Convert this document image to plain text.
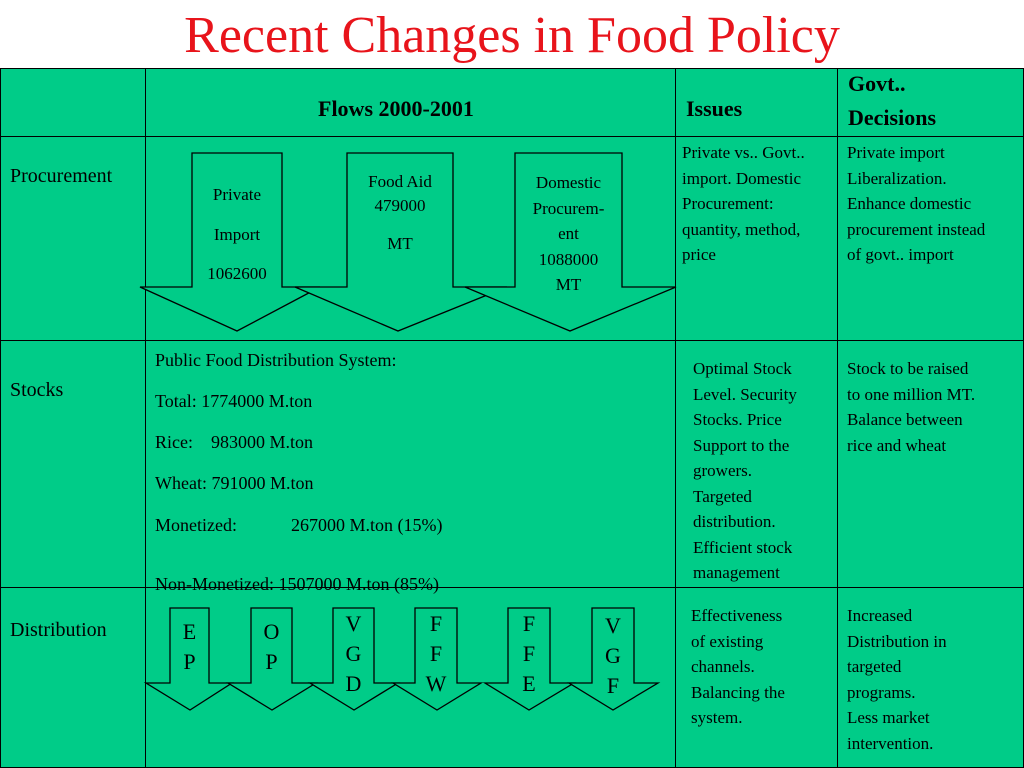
Recent Changes in Food Policy
Flows 2000-2001	Issues
Govt..
Decisions
Procurement
Stocks
Distribution
Private
Import
1062600
Food Aid
479000
MT
Domestic
Procurem-
ent
1088000
MT
Private vs.. Govt..
import. Domestic
Procurement:
quantity, method,
price
Private import
Liberalization.
Enhance domestic
procurement instead
of govt.. import
Public Food Distribution System:
Total: 1774000 M.ton
Rice:    983000 M.ton
Wheat: 791000 M.ton
Monetized:            267000 M.ton (15%)
Non-Monetized: 1507000 M.ton (85%)
Optimal Stock
Level. Security
Stocks. Price
Support to the
growers.
Targeted
distribution.
Efficient stock
management
Stock to be raised
to one million MT.
Balance between
rice and wheat
E
P
O
P
V
G
D
F
F
W
F
F
E
V
G
F
Effectiveness
of existing
channels.
Balancing the
system.
Increased
Distribution in
targeted
programs.
Less market
intervention.
